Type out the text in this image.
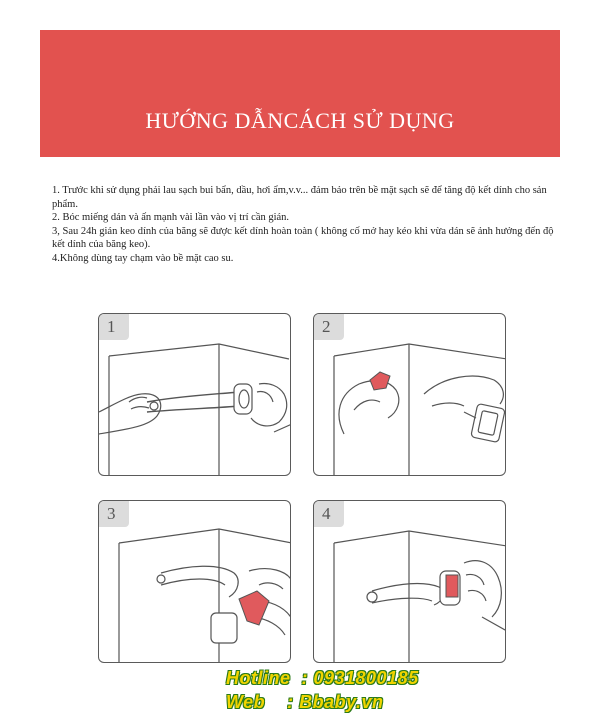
HƯỚNG DẪNCÁCH SỬ DỤNG

1. Trước khi sử dụng phải lau sạch bui bẩn, dầu, hơi ẩm,v.v... đảm bảo trên bề mặt sạch sẽ để tăng độ kết dính cho sản phẩm.

2. Bóc miếng dán và ấn mạnh vài lần vào vị trí cần gián.

3, Sau 24h gián keo dính của băng sẽ được kết dính hoàn toàn ( không cố mở hay kéo khi vừa dán sẽ ảnh hưởng đến độ kết dính của băng keo).

4.Không dùng tay chạm vào bề mặt cao su.

1	2
3	4
Hotline  : 0931800185
Web    : Bbaby.vn
